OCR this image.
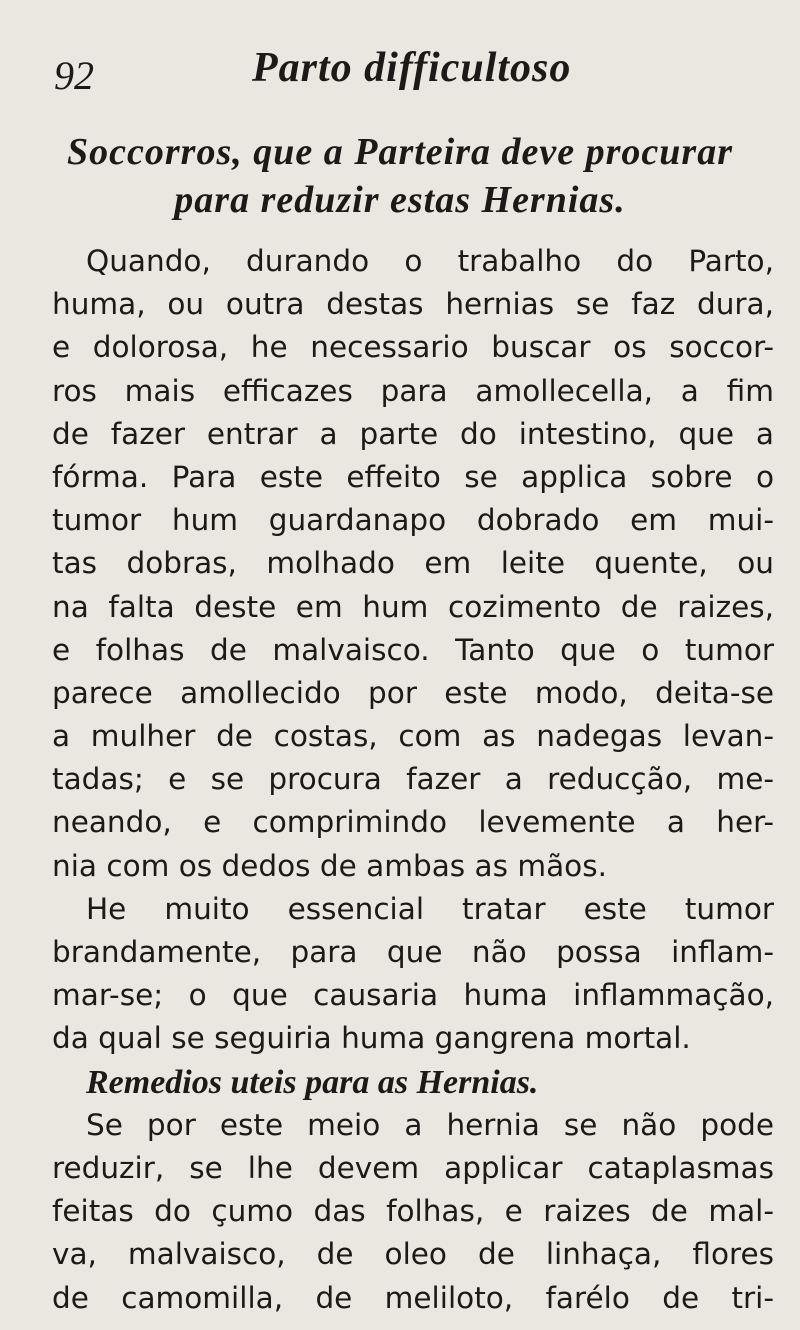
92	Parto difficultoso
Soccorros, que a Parteira deve procurar
para reduzir estas Hernias.
Quando, durando o trabalho do Parto,
huma, ou outra destas hernias se faz dura,
e dolorosa, he necessario buscar os soccor-
ros mais efficazes para amollecella, a fim
de fazer entrar a parte do intestino, que a
fórma. Para este effeito se applica sobre o
tumor hum guardanapo dobrado em mui-
tas dobras, molhado em leite quente, ou
na falta deste em hum cozimento de raizes,
e folhas de malvaisco. Tanto que o tumor
parece amollecido por este modo, deita-se
a mulher de costas, com as nadegas levan-
tadas; e se procura fazer a reducção, me-
neando, e comprimindo levemente a her-
nia com os dedos de ambas as mãos.
He muito essencial tratar este tumor
brandamente, para que não possa inflam-
mar-se; o que causaria huma inflammação,
da qual se seguiria huma gangrena mortal.
Remedios uteis para as Hernias.
Se por este meio a hernia se não pode
reduzir, se lhe devem applicar cataplasmas
feitas do çumo das folhas, e raizes de mal-
va, malvaisco, de oleo de linhaça, flores
de camomilla, de meliloto, farélo de tri-
